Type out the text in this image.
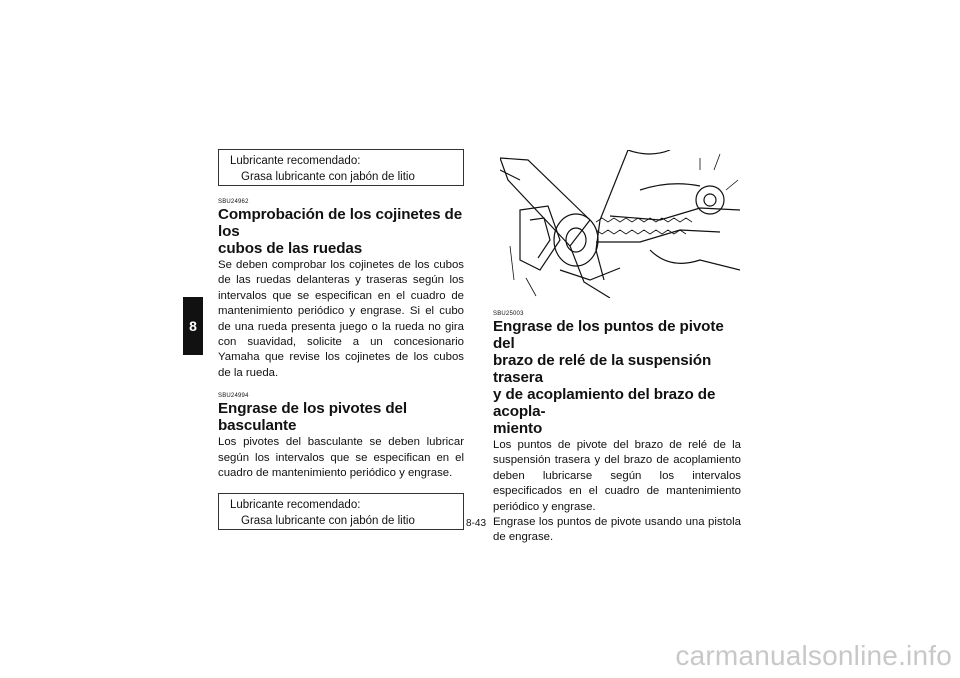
8
Lubricante recomendado:
Grasa lubricante con jabón de litio
SBU24962
Comprobación de los cojinetes de los
cubos de las ruedas

Se deben comprobar los cojinetes de los cubos de las ruedas delanteras y traseras según los intervalos que se especifican en el cuadro de mantenimiento periódico y engrase. Si el cubo de una rueda presenta juego o la rueda no gira con suavidad, solicite a un concesionario Yamaha que revise los cojinetes de los cubos de la rueda.

SBU24994
Engrase de los pivotes del basculante

Los pivotes del basculante se deben lubricar según los intervalos que se especifican en el cuadro de mantenimiento periódico y engrase.

Lubricante recomendado:
Grasa lubricante con jabón de litio
SBU25003
Engrase de los puntos de pivote del
brazo de relé de la suspensión trasera
y de acoplamiento del brazo de acopla-
miento

Los puntos de pivote del brazo de relé de la suspensión trasera y del brazo de acoplamiento deben lubricarse según los intervalos especificados en el cuadro de mantenimiento periódico y engrase.

Engrase los puntos de pivote usando una pistola de engrase.

8-43
carmanualsonline.info
